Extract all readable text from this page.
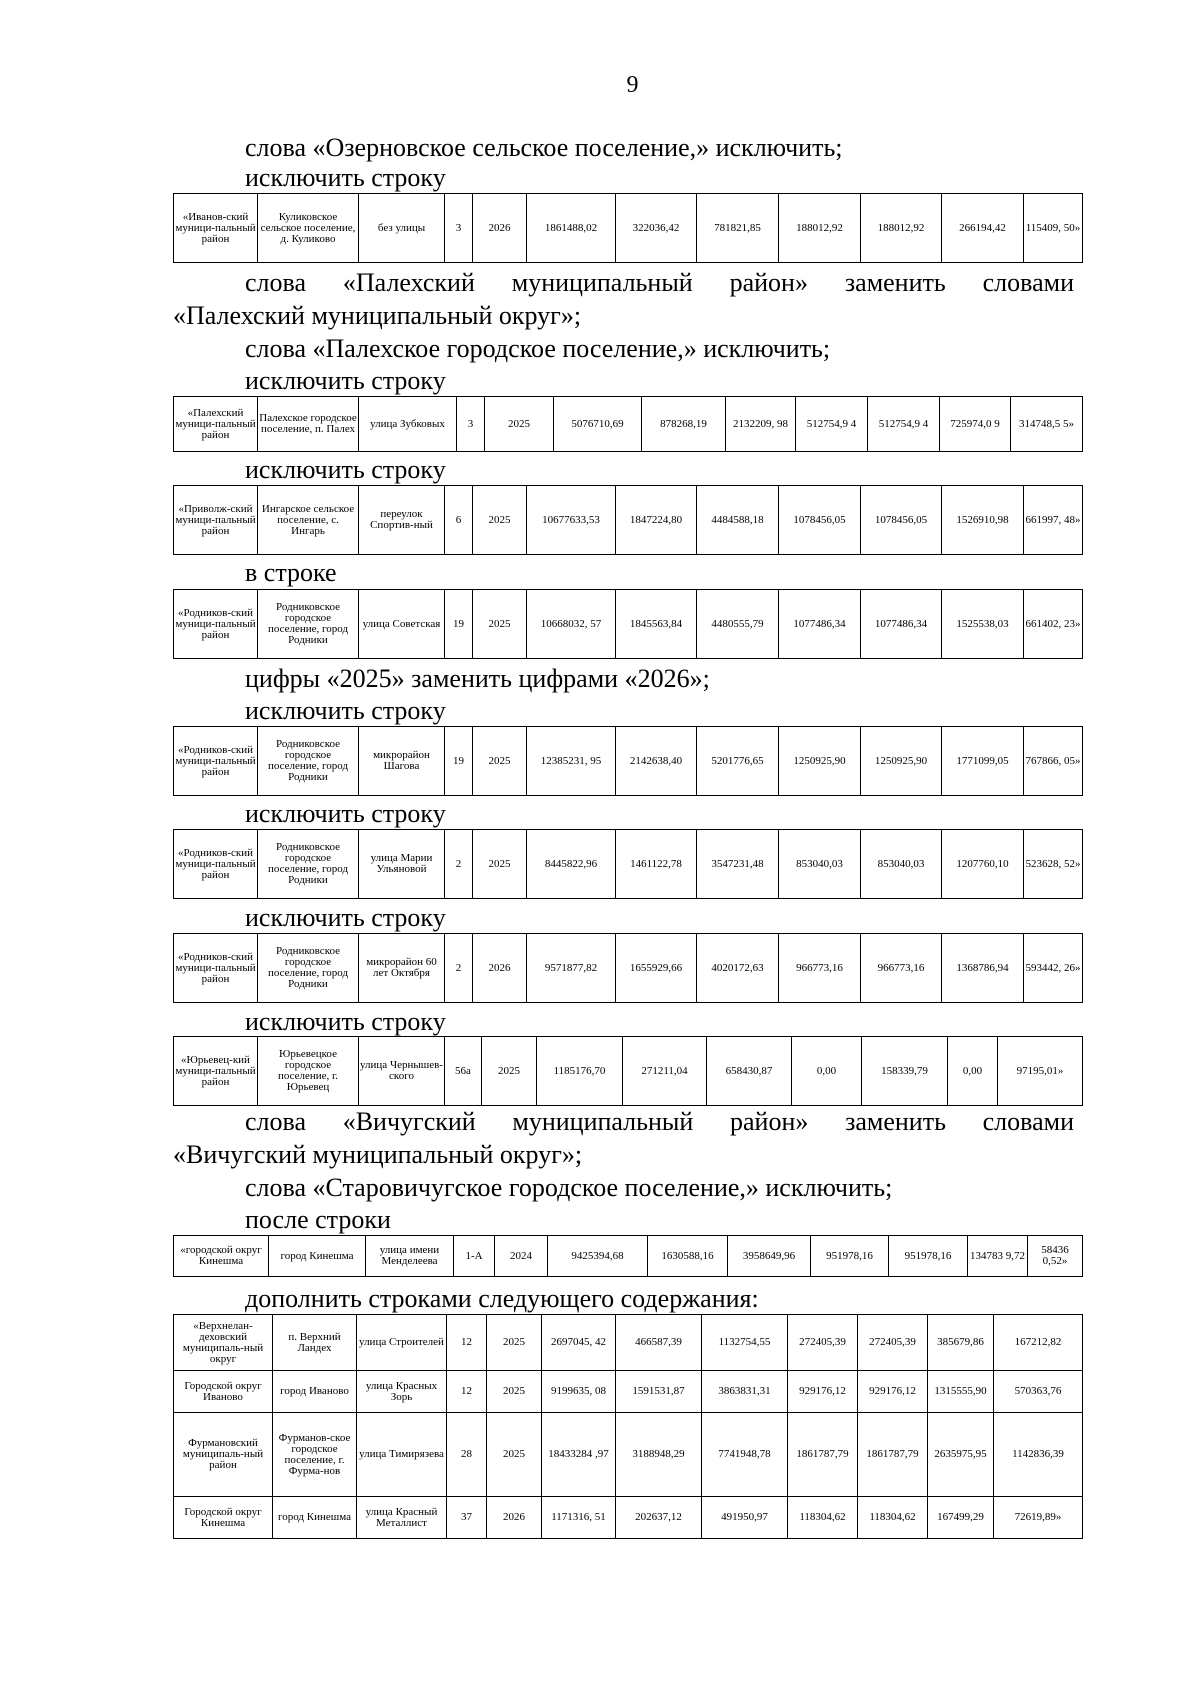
9
слова «Озерновское сельское поселение,» исключить;
исключить строку
«Иванов-ский муници-пальный район	Куликовское сельское поселение, д. Куликово	без улицы	3	2026	1861488,02	322036,42	781821,85	188012,92	188012,92	266194,42	115409, 50»
слова «Палехский муниципальный район» заменить словами
«Палехский муниципальный округ»;
слова «Палехское городское поселение,» исключить;
исключить строку
«Палехский муници-пальный район	Палехское городское поселение, п. Палех	улица Зубковых	3	2025	5076710,69	878268,19	2132209, 98	512754,9 4	512754,9 4	725974,0 9	314748,5 5»
исключить строку
«Приволж-ский муници-пальный район	Ингарское сельское поселение, с. Ингарь	переулок Спортив-ный	6	2025	10677633,53	1847224,80	4484588,18	1078456,05	1078456,05	1526910,98	661997, 48»
в строке
«Родников-ский муници-пальный район	Родниковское городское поселение, город Родники	улица Советская	19	2025	10668032, 57	1845563,84	4480555,79	1077486,34	1077486,34	1525538,03	661402, 23»
цифры «2025» заменить цифрами «2026»;
исключить строку
«Родников-ский муници-пальный район	Родниковское городское поселение, город Родники	микрорайон Шагова	19	2025	12385231, 95	2142638,40	5201776,65	1250925,90	1250925,90	1771099,05	767866, 05»
исключить строку
«Родников-ский муници-пальный район	Родниковское городское поселение, город Родники	улица Марии Ульяновой	2	2025	8445822,96	1461122,78	3547231,48	853040,03	853040,03	1207760,10	523628, 52»
исключить строку
«Родников-ский муници-пальный район	Родниковское городское поселение, город Родники	микрорайон 60 лет Октября	2	2026	9571877,82	1655929,66	4020172,63	966773,16	966773,16	1368786,94	593442, 26»
исключить строку
«Юрьевец-кий муници-пальный район	Юрьевецкое городское поселение, г. Юрьевец	улица Чернышев-ского	56а	2025	1185176,70	271211,04	658430,87	0,00	158339,79	0,00	97195,01»
слова «Вичугский муниципальный район» заменить словами
«Вичугский муниципальный округ»;
слова «Старовичугское городское поселение,» исключить;
после строки
«городской округ Кинешма	город Кинешма	улица имени Менделеева	1-А	2024	9425394,68	1630588,16	3958649,96	951978,16	951978,16	134783 9,72	58436 0,52»
дополнить строками следующего содержания:
«Верхнелан-деховский муниципаль-ный округ	п. Верхний Ландех	улица Строителей	12	2025	2697045, 42	466587,39	1132754,55	272405,39	272405,39	385679,86	167212,82
Городской округ Иваново	город Иваново	улица Красных Зорь	12	2025	9199635, 08	1591531,87	3863831,31	929176,12	929176,12	1315555,90	570363,76
Фурмановский муниципаль-ный район	Фурманов-ское городское поселение, г. Фурма-нов	улица Тимирязева	28	2025	18433284 ,97	3188948,29	7741948,78	1861787,79	1861787,79	2635975,95	1142836,39
Городской округ Кинешма	город Кинешма	улица Красный Металлист	37	2026	1171316, 51	202637,12	491950,97	118304,62	118304,62	167499,29	72619,89»
